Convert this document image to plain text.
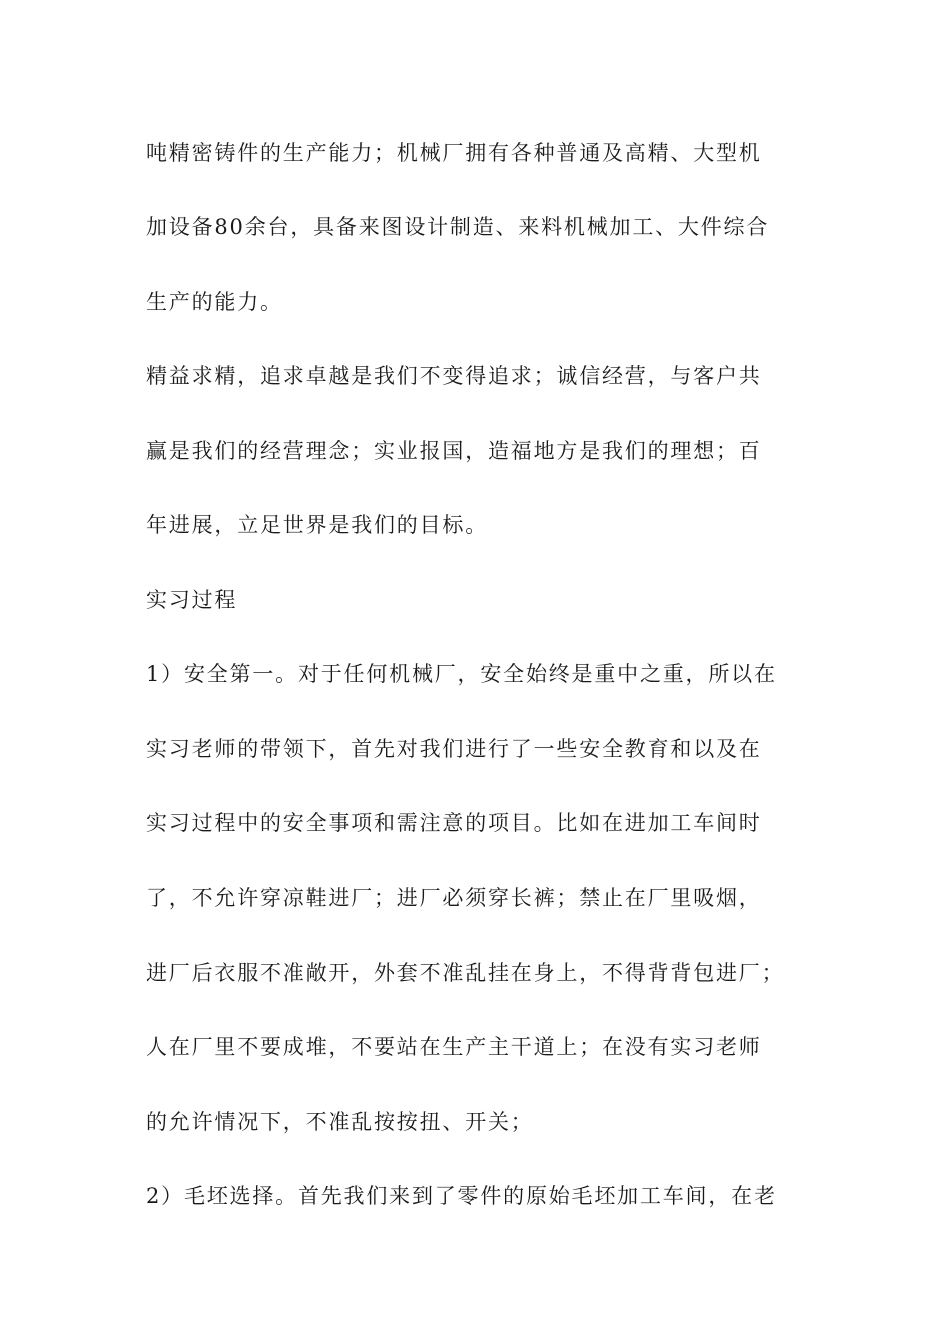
吨精密铸件的生产能力；机械厂拥有各种普通及高精、大型机
加设备80余台，具备来图设计制造、来料机械加工、大件综合
生产的能力。
精益求精，追求卓越是我们不变得追求；诚信经营，与客户共
赢是我们的经营理念；实业报国，造福地方是我们的理想；百
年进展，立足世界是我们的目标。
实习过程
1）安全第一。对于任何机械厂，安全始终是重中之重，所以在
实习老师的带领下，首先对我们进行了一些安全教育和以及在
实习过程中的安全事项和需注意的项目。比如在进加工车间时
了，不允许穿凉鞋进厂；进厂必须穿长裤；禁止在厂里吸烟，
进厂后衣服不准敞开，外套不准乱挂在身上，不得背背包进厂；
人在厂里不要成堆，不要站在生产主干道上；在没有实习老师
的允许情况下，不准乱按按扭、开关；
2）毛坯选择。首先我们来到了零件的原始毛坯加工车间，在老
